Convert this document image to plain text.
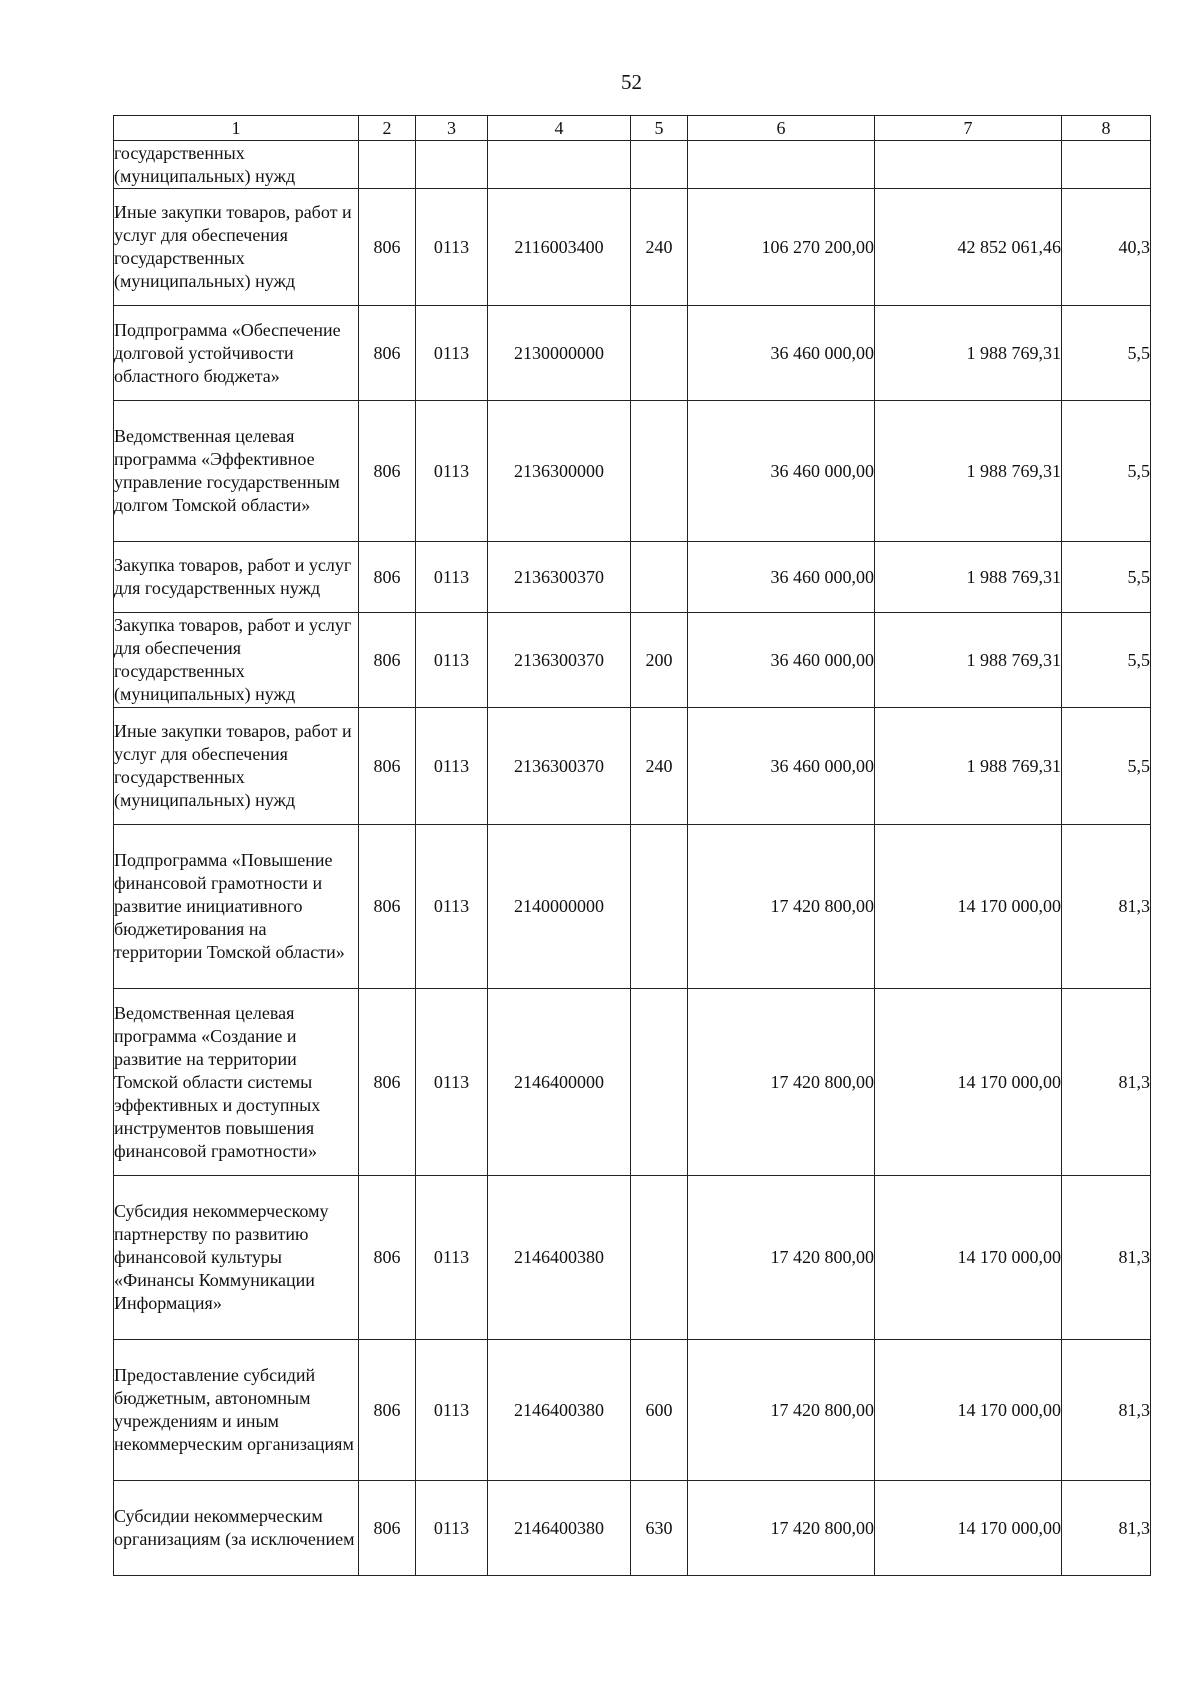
52
1	2	3	4	5	6	7	8
государственных (муниципальных) нужд							
Иные закупки товаров, работ и услуг для обеспечения государственных (муниципальных) нужд	806	0113	2116003400	240	106 270 200,00	42 852 061,46	40,3
Подпрограмма «Обеспечение долговой устойчивости областного бюджета»	806	0113	2130000000		36 460 000,00	1 988 769,31	5,5
Ведомственная целевая программа «Эффективное управление государственным долгом Томской области»	806	0113	2136300000		36 460 000,00	1 988 769,31	5,5
Закупка товаров, работ и услуг для государственных нужд	806	0113	2136300370		36 460 000,00	1 988 769,31	5,5
Закупка товаров, работ и услуг для обеспечения государственных (муниципальных) нужд	806	0113	2136300370	200	36 460 000,00	1 988 769,31	5,5
Иные закупки товаров, работ и услуг для обеспечения государственных (муниципальных) нужд	806	0113	2136300370	240	36 460 000,00	1 988 769,31	5,5
Подпрограмма «Повышение финансовой грамотности и развитие инициативного бюджетирования на территории Томской области»	806	0113	2140000000		17 420 800,00	14 170 000,00	81,3
Ведомственная целевая программа «Создание и развитие на территории Томской области системы эффективных и доступных инструментов повышения финансовой грамотности»	806	0113	2146400000		17 420 800,00	14 170 000,00	81,3
Субсидия некоммерческому партнерству по развитию финансовой культуры «Финансы Коммуникации Информация»	806	0113	2146400380		17 420 800,00	14 170 000,00	81,3
Предоставление субсидий бюджетным, автономным учреждениям и иным некоммерческим организациям	806	0113	2146400380	600	17 420 800,00	14 170 000,00	81,3
Субсидии некоммерческим организациям (за исключением	806	0113	2146400380	630	17 420 800,00	14 170 000,00	81,3
